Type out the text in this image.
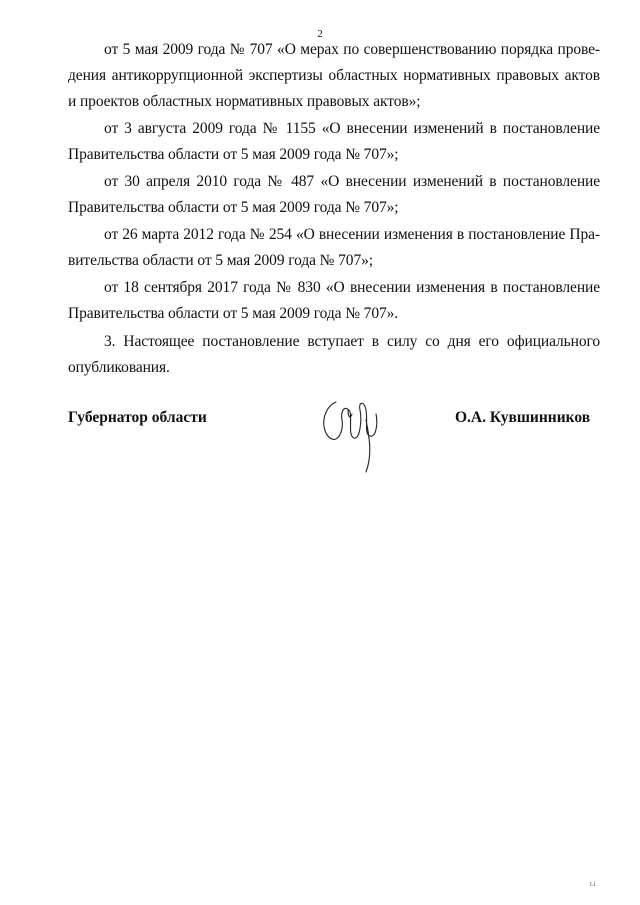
2
от 5 мая 2009 года № 707 «О мерах по совершенствованию порядка прове-
дения антикоррупционной экспертизы областных нормативных правовых актов
и проектов областных нормативных правовых актов»;
от 3 августа 2009 года № 1155 «О внесении изменений в постановление
Правительства области от 5 мая 2009 года № 707»;
от 30 апреля 2010 года № 487 «О внесении изменений в постановление
Правительства области от 5 мая 2009 года № 707»;
от 26 марта 2012 года № 254 «О внесении изменения в постановление Пра-
вительства области от 5 мая 2009 года № 707»;
от 18 сентября 2017 года № 830 «О внесении изменения в постановление
Правительства области от 5 мая 2009 года № 707».
3. Настоящее постановление вступает в силу со дня его официального
опубликования.
Губернатор области	О.А. Кувшинников
t.i
